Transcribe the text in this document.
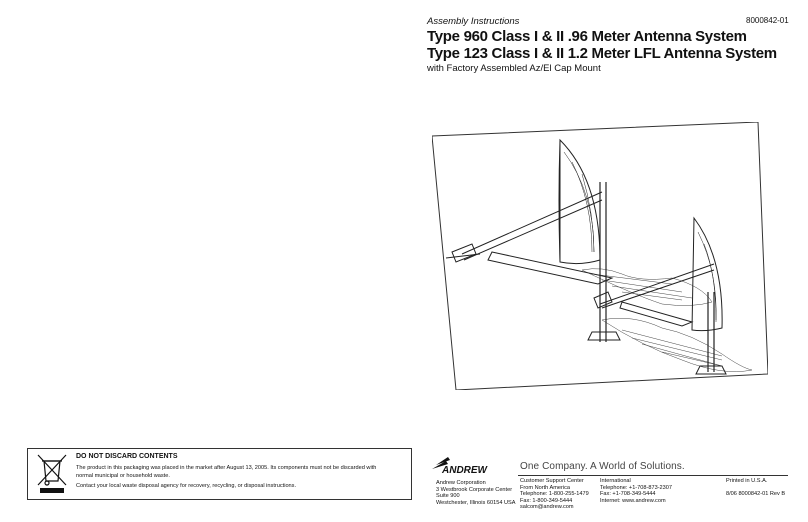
Assembly Instructions	8000842-01
Type 960 Class I & II .96 Meter Antenna System
Type 123 Class I & II 1.2 Meter LFL Antenna System
with Factory Assembled Az/El Cap Mount
DO NOT DISCARD CONTENTS
The product in this packaging was placed in the market after August 13, 2005. Its components must not be discarded with
normal municipal or household waste.
Contact your local waste disposal agency for recovery, recycling, or disposal instructions.
ANDREW	One Company. A World of Solutions.
Andrew Corporation
3 Westbrook Corporate Center
Suite 900
Westchester, Illinois 60154 USA
Customer Support Center
From North America
Telephone: 1-800-255-1479
Fax: 1-800-349-5444
salcom@andrew.com
International
Telephone: +1-708-873-2307
Fax: +1-708-349-5444
Internet: www.andrew.com
Printed in U.S.A.
8/06 8000842-01 Rev B
